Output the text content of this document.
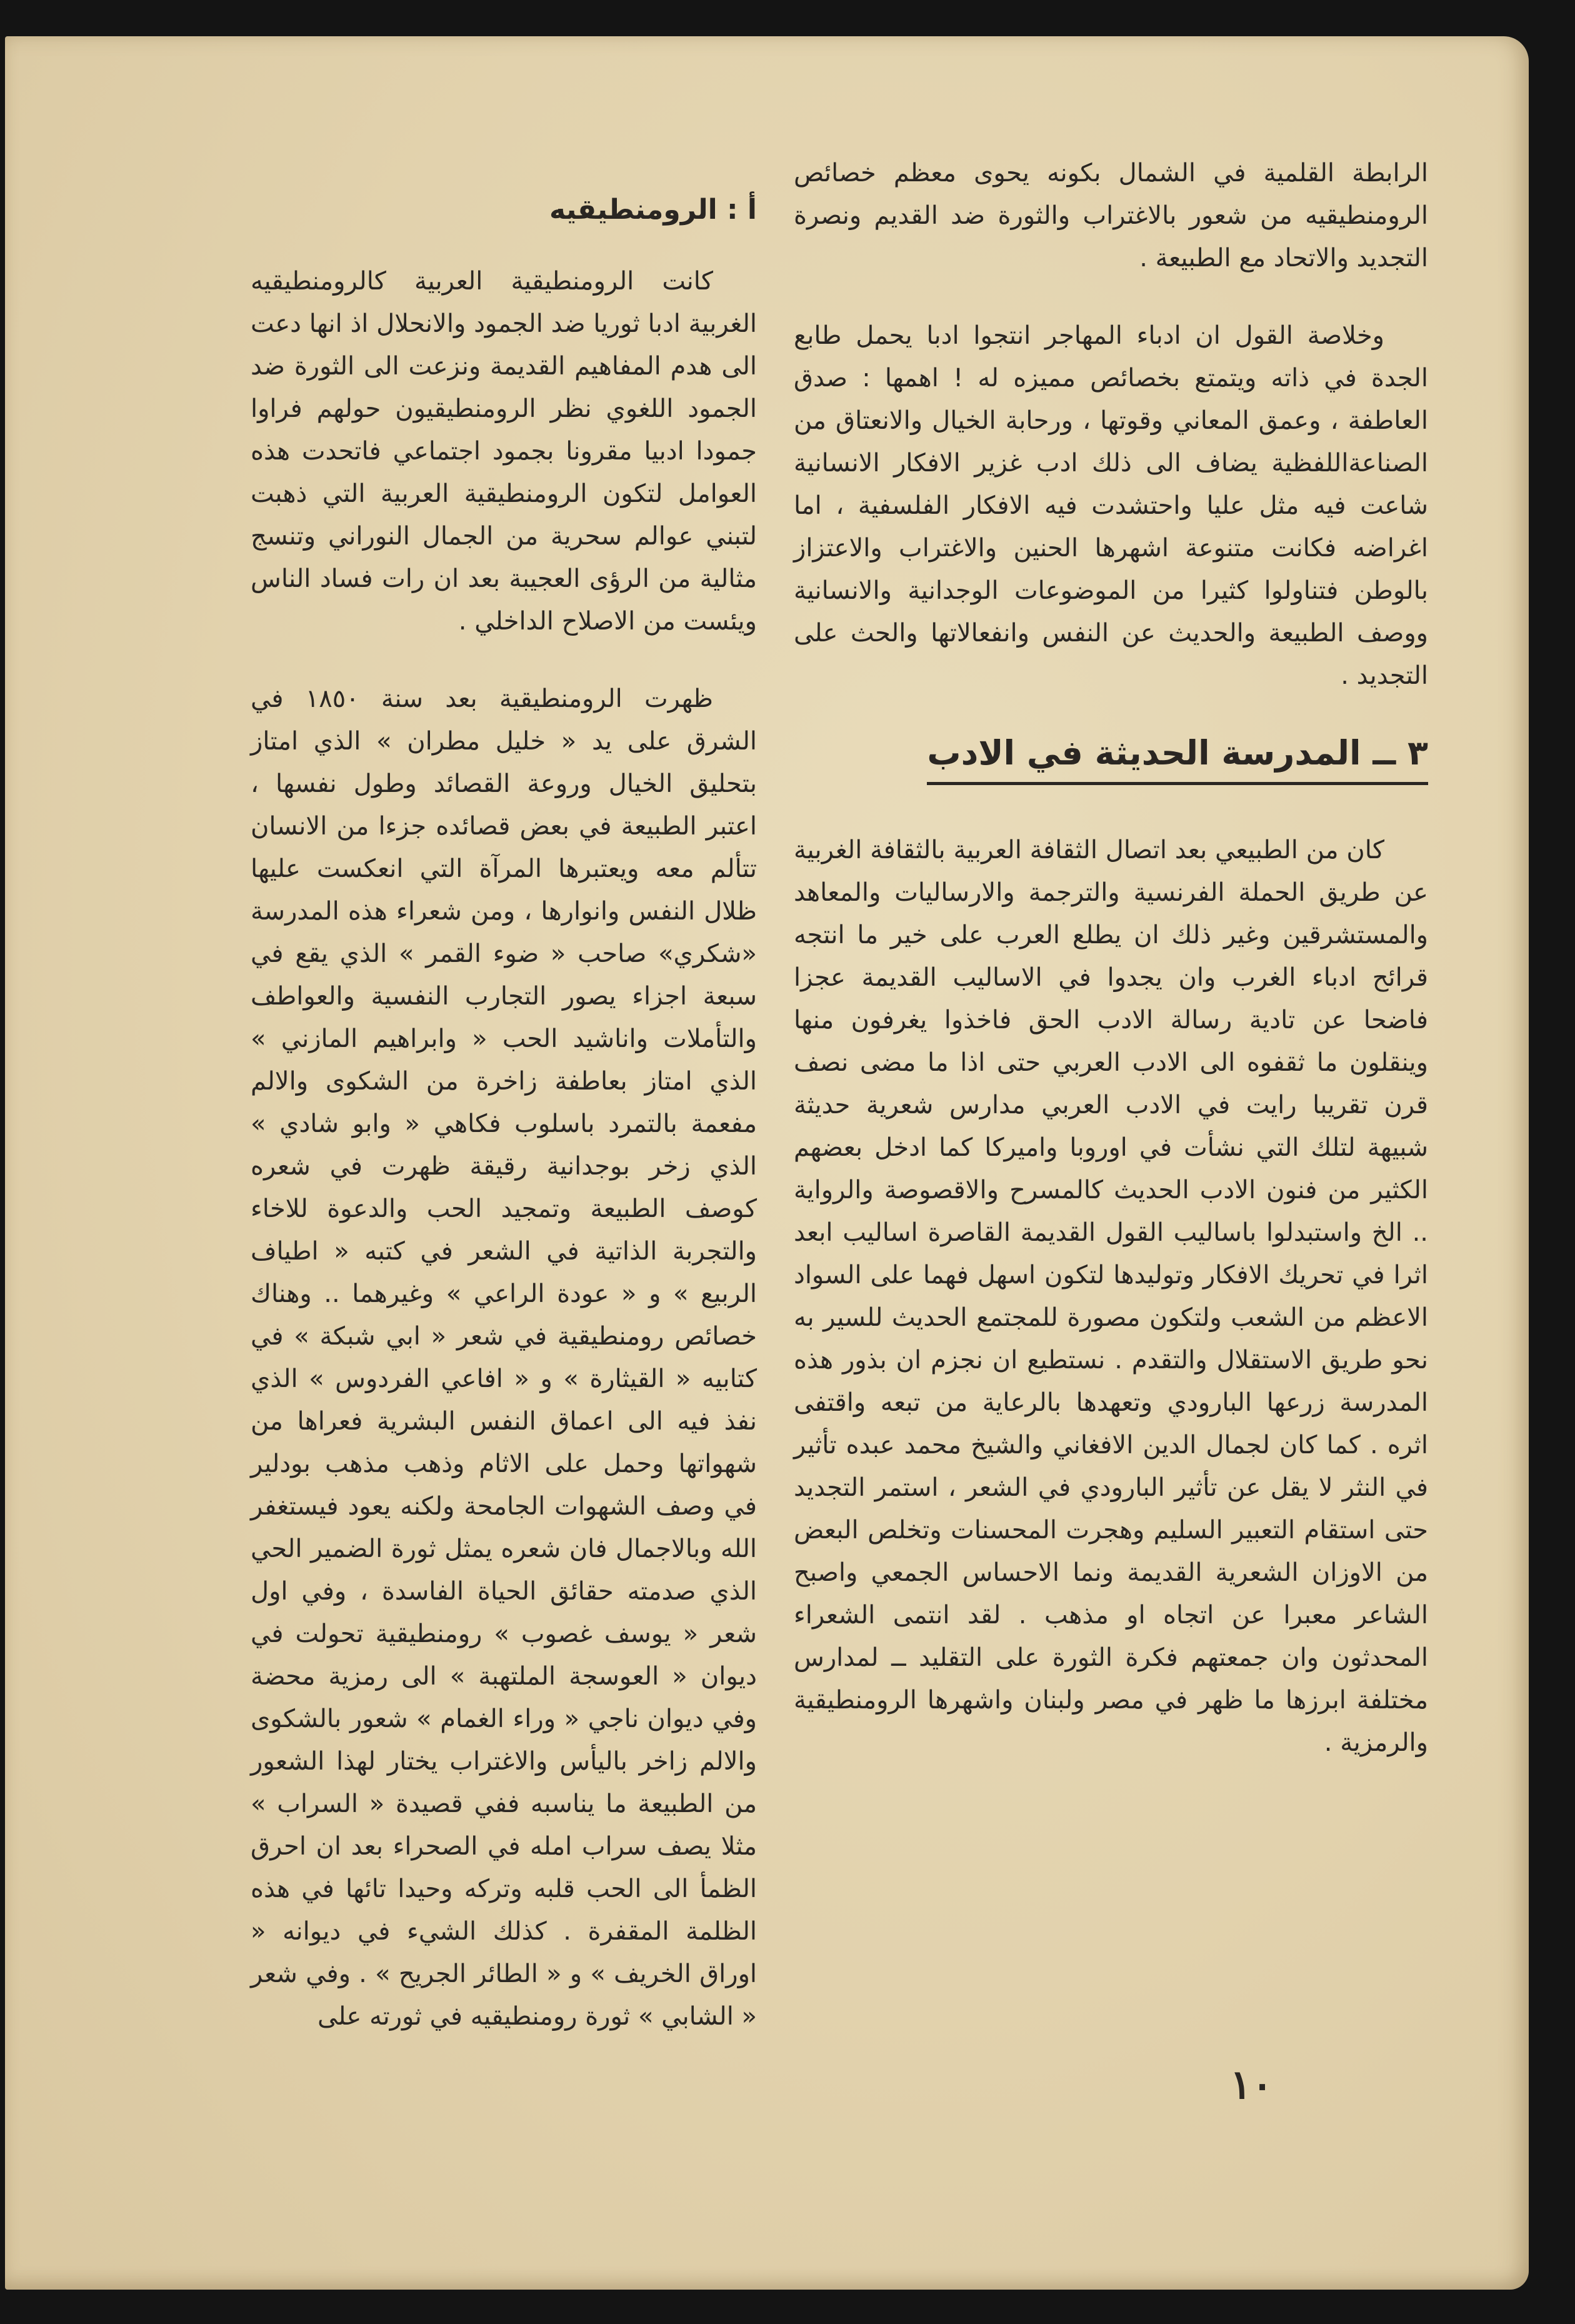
الرابطة القلمية في الشمال بكونه يحوى معظم خصائص الرومنطيقيه من شعور بالاغتراب والثورة ضد القديم ونصرة التجديد والاتحاد مع الطبيعة .

وخلاصة القول ان ادباء المهاجر انتجوا ادبا يحمل طابع الجدة في ذاته ويتمتع بخصائص مميزه له ! اهمها : صدق العاطفة ، وعمق المعاني وقوتها ، ورحابة الخيال والانعتاق من الصناعةاللفظية يضاف الى ذلك ادب غزير الافكار الانسانية شاعت فيه مثل عليا واحتشدت فيه الافكار الفلسفية ، اما اغراضه فكانت متنوعة اشهرها الحنين والاغتراب والاعتزاز بالوطن فتناولوا كثيرا من الموضوعات الوجدانية والانسانية ووصف الطبيعة والحديث عن النفس وانفعالاتها والحث على التجديد .

٣ ــ المدرسة الحديثة في الادب

كان من الطبيعي بعد اتصال الثقافة العربية بالثقافة الغربية عن طريق الحملة الفرنسية والترجمة والارساليات والمعاهد والمستشرقين وغير ذلك ان يطلع العرب على خير ما انتجه قرائح ادباء الغرب وان يجدوا في الاساليب القديمة عجزا فاضحا عن تادية رسالة الادب الحق فاخذوا يغرفون منها وينقلون ما ثقفوه الى الادب العربي حتى اذا ما مضى نصف قرن تقريبا رايت في الادب العربي مدارس شعرية حديثة شبيهة لتلك التي نشأت في اوروبا واميركا كما ادخل بعضهم الكثير من فنون الادب الحديث كالمسرح والاقصوصة والرواية .. الخ واستبدلوا باساليب القول القديمة القاصرة اساليب ابعد اثرا في تحريك الافكار وتوليدها لتكون اسهل فهما على السواد الاعظم من الشعب ولتكون مصورة للمجتمع الحديث للسير به نحو طريق الاستقلال والتقدم . نستطيع ان نجزم ان بذور هذه المدرسة زرعها البارودي وتعهدها بالرعاية من تبعه واقتفى اثره . كما كان لجمال الدين الافغاني والشيخ محمد عبده تأثير في النثر لا يقل عن تأثير البارودي في الشعر ، استمر التجديد حتى استقام التعبير السليم وهجرت المحسنات وتخلص البعض من الاوزان الشعرية القديمة ونما الاحساس الجمعي واصبح الشاعر معبرا عن اتجاه او مذهب . لقد انتمى الشعراء المحدثون وان جمعتهم فكرة الثورة على التقليد ــ لمدارس مختلفة ابرزها ما ظهر في مصر ولبنان واشهرها الرومنطيقية والرمزية .

أ : الرومنطيقيه

كانت الرومنطيقية العربية كالرومنطيقيه الغربية ادبا ثوريا ضد الجمود والانحلال اذ انها دعت الى هدم المفاهيم القديمة ونزعت الى الثورة ضد الجمود اللغوي نظر الرومنطيقيون حولهم فراوا جمودا ادبيا مقرونا بجمود اجتماعي فاتحدت هذه العوامل لتكون الرومنطيقية العربية التي ذهبت لتبني عوالم سحرية من الجمال النوراني وتنسج مثالية من الرؤى العجيبة بعد ان رات فساد الناس ويئست من الاصلاح الداخلي .

ظهرت الرومنطيقية بعد سنة ١٨٥٠ في الشرق على يد « خليل مطران » الذي امتاز بتحليق الخيال وروعة القصائد وطول نفسها ، اعتبر الطبيعة في بعض قصائده جزءا من الانسان تتألم معه ويعتبرها المرآة التي انعكست عليها ظلال النفس وانوارها ، ومن شعراء هذه المدرسة «شكري» صاحب « ضوء القمر » الذي يقع في سبعة اجزاء يصور التجارب النفسية والعواطف والتأملات واناشيد الحب « وابراهيم المازني » الذي امتاز بعاطفة زاخرة من الشكوى والالم مفعمة بالتمرد باسلوب فكاهي « وابو شادي » الذي زخر بوجدانية رقيقة ظهرت في شعره كوصف الطبيعة وتمجيد الحب والدعوة للاخاء والتجربة الذاتية في الشعر في كتبه « اطياف الربيع » و « عودة الراعي » وغيرهما .. وهناك خصائص رومنطيقية في شعر « ابي شبكة » في كتابيه « القيثارة » و « افاعي الفردوس » الذي نفذ فيه الى اعماق النفس البشرية فعراها من شهواتها وحمل على الاثام وذهب مذهب بودلير في وصف الشهوات الجامحة ولكنه يعود فيستغفر الله وبالاجمال فان شعره يمثل ثورة الضمير الحي الذي صدمته حقائق الحياة الفاسدة ، وفي اول شعر « يوسف غصوب » رومنطيقية تحولت في ديوان « العوسجة الملتهبة » الى رمزية محضة وفي ديوان ناجي « وراء الغمام » شعور بالشكوى والالم زاخر باليأس والاغتراب يختار لهذا الشعور من الطبيعة ما يناسبه ففي قصيدة « السراب » مثلا يصف سراب امله في الصحراء بعد ان احرق الظمأ الى الحب قلبه وتركه وحيدا تائها في هذه الظلمة المقفرة . كذلك الشيء في ديوانه « اوراق الخريف » و « الطائر الجريح » . وفي شعر « الشابي » ثورة رومنطيقيه في ثورته على

١٠
